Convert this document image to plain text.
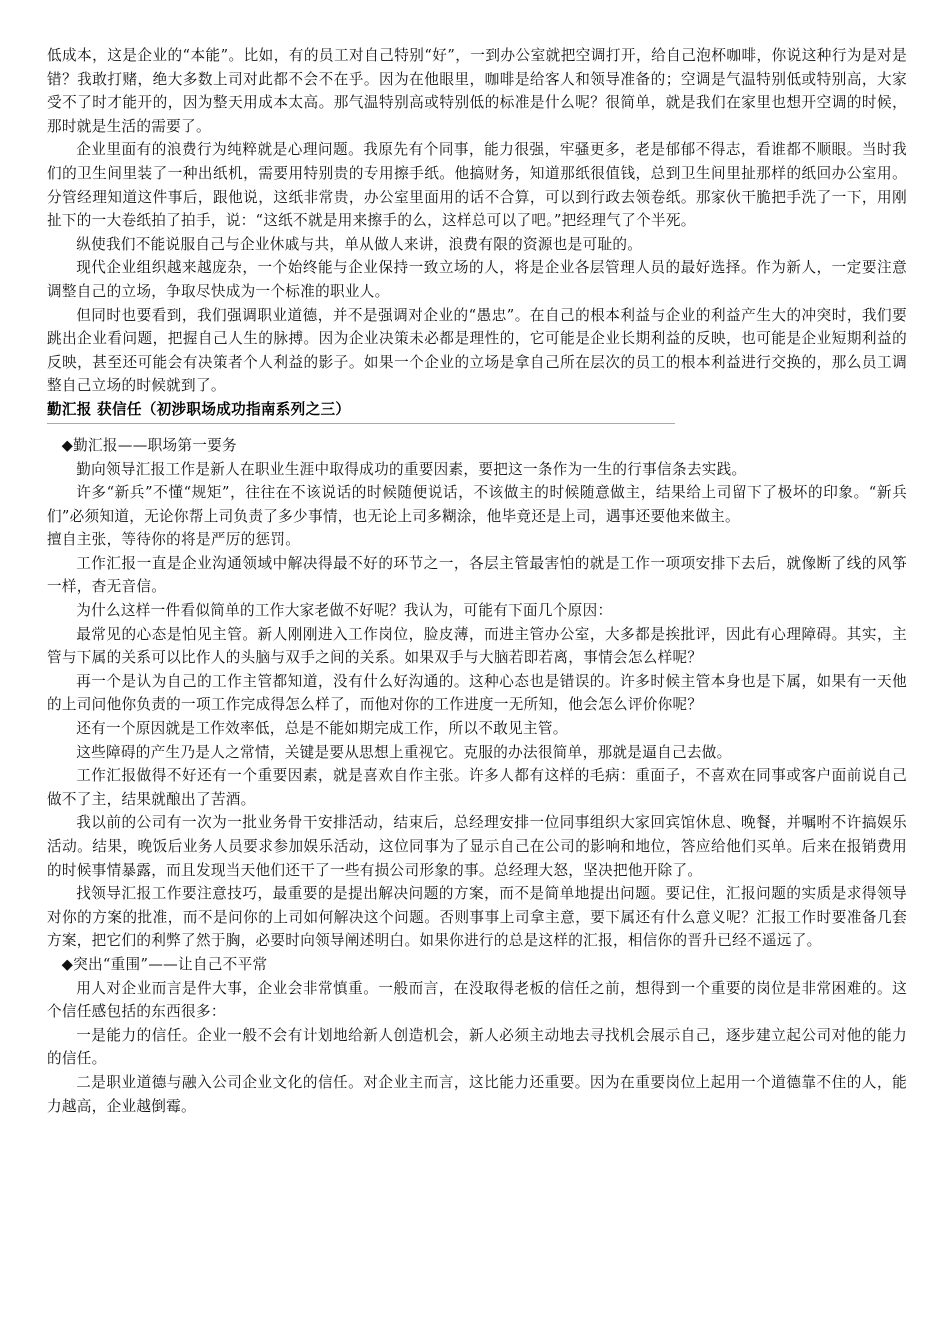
低成本，这是企业的“本能”。比如，有的员工对自己特别“好”，一到办公室就把空调打开，给自己泡杯咖啡，你说这种行为是对是错？我敢打赌，绝大多数上司对此都不会不在乎。因为在他眼里，咖啡是给客人和领导准备的；空调是气温特别低或特别高，大家受不了时才能开的，因为整天用成本太高。那气温特别高或特别低的标准是什么呢？很简单，就是我们在家里也想开空调的时候，那时就是生活的需要了。

企业里面有的浪费行为纯粹就是心理问题。我原先有个同事，能力很强，牢骚更多，老是郁郁不得志，看谁都不顺眼。当时我们的卫生间里装了一种出纸机，需要用特别贵的专用擦手纸。他搞财务，知道那纸很值钱，总到卫生间里扯那样的纸回办公室用。分管经理知道这件事后，跟他说，这纸非常贵，办公室里面用的话不合算，可以到行政去领卷纸。那家伙干脆把手洗了一下，用刚扯下的一大卷纸拍了拍手，说：“这纸不就是用来擦手的么，这样总可以了吧。”把经理气了个半死。

纵使我们不能说服自己与企业休戚与共，单从做人来讲，浪费有限的资源也是可耻的。

现代企业组织越来越庞杂，一个始终能与企业保持一致立场的人，将是企业各层管理人员的最好选择。作为新人，一定要注意调整自己的立场，争取尽快成为一个标准的职业人。

但同时也要看到，我们强调职业道德，并不是强调对企业的“愚忠”。在自己的根本利益与企业的利益产生大的冲突时，我们要跳出企业看问题，把握自己人生的脉搏。因为企业决策未必都是理性的，它可能是企业长期利益的反映，也可能是企业短期利益的反映，甚至还可能会有决策者个人利益的影子。如果一个企业的立场是拿自己所在层次的员工的根本利益进行交换的，那么员工调整自己立场的时候就到了。

勤汇报 获信任（初涉职场成功指南系列之三）

◆勤汇报——职场第一要务

勤向领导汇报工作是新人在职业生涯中取得成功的重要因素，要把这一条作为一生的行事信条去实践。

许多“新兵”不懂“规矩”，往往在不该说话的时候随便说话，不该做主的时候随意做主，结果给上司留下了极坏的印象。“新兵们”必须知道，无论你帮上司负责了多少事情，也无论上司多糊涂，他毕竟还是上司，遇事还要他来做主。

擅自主张，等待你的将是严厉的惩罚。

工作汇报一直是企业沟通领域中解决得最不好的环节之一，各层主管最害怕的就是工作一项项安排下去后，就像断了线的风筝一样，杳无音信。

为什么这样一件看似简单的工作大家老做不好呢？我认为，可能有下面几个原因：

最常见的心态是怕见主管。新人刚刚进入工作岗位，脸皮薄，而进主管办公室，大多都是挨批评，因此有心理障碍。其实，主管与下属的关系可以比作人的头脑与双手之间的关系。如果双手与大脑若即若离，事情会怎么样呢？

再一个是认为自己的工作主管都知道，没有什么好沟通的。这种心态也是错误的。许多时候主管本身也是下属，如果有一天他的上司问他你负责的一项工作完成得怎么样了，而他对你的工作进度一无所知，他会怎么评价你呢？

还有一个原因就是工作效率低，总是不能如期完成工作，所以不敢见主管。

这些障碍的产生乃是人之常情，关键是要从思想上重视它。克服的办法很简单，那就是逼自己去做。

工作汇报做得不好还有一个重要因素，就是喜欢自作主张。许多人都有这样的毛病：重面子，不喜欢在同事或客户面前说自己做不了主，结果就酿出了苦酒。

我以前的公司有一次为一批业务骨干安排活动，结束后，总经理安排一位同事组织大家回宾馆休息、晚餐，并嘱咐不许搞娱乐活动。结果，晚饭后业务人员要求参加娱乐活动，这位同事为了显示自己在公司的影响和地位，答应给他们买单。后来在报销费用的时候事情暴露，而且发现当天他们还干了一些有损公司形象的事。总经理大怒，坚决把他开除了。

找领导汇报工作要注意技巧，最重要的是提出解决问题的方案，而不是简单地提出问题。要记住，汇报问题的实质是求得领导对你的方案的批准，而不是问你的上司如何解决这个问题。否则事事上司拿主意，要下属还有什么意义呢？汇报工作时要准备几套方案，把它们的利弊了然于胸，必要时向领导阐述明白。如果你进行的总是这样的汇报，相信你的晋升已经不遥远了。

◆突出“重围”——让自己不平常

用人对企业而言是件大事，企业会非常慎重。一般而言，在没取得老板的信任之前，想得到一个重要的岗位是非常困难的。这个信任感包括的东西很多：

一是能力的信任。企业一般不会有计划地给新人创造机会，新人必须主动地去寻找机会展示自己，逐步建立起公司对他的能力的信任。

二是职业道德与融入公司企业文化的信任。对企业主而言，这比能力还重要。因为在重要岗位上起用一个道德靠不住的人，能力越高，企业越倒霉。
